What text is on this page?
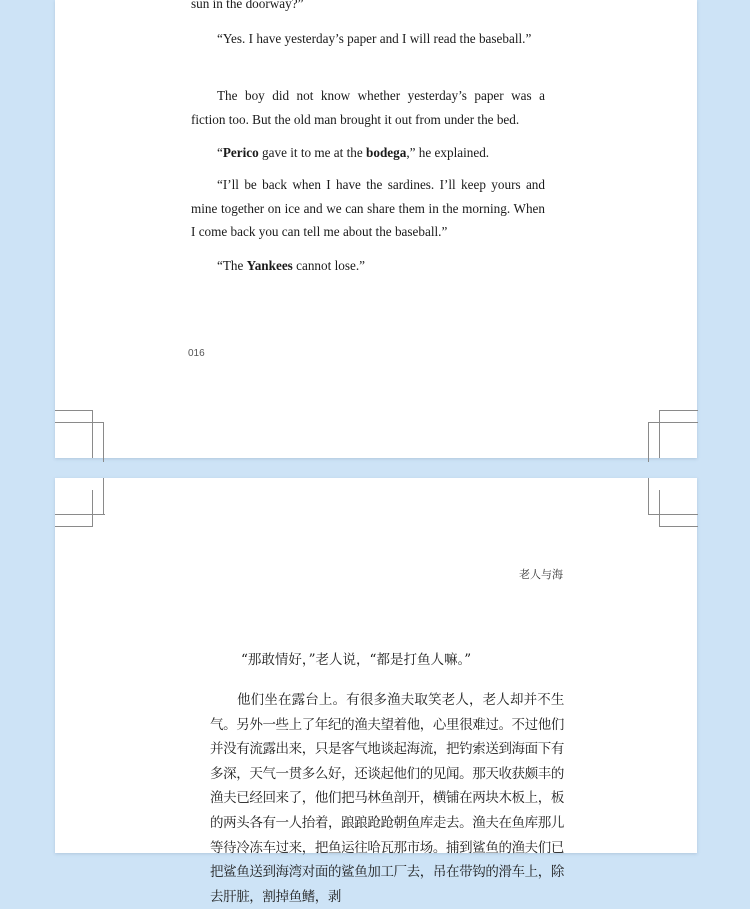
sun in the doorway?”

“Yes. I have yesterday’s paper and I will read the baseball.”

The boy did not know whether yesterday’s paper was a fiction too. But the old man brought it out from under the bed.

“Perico gave it to me at the bodega,” he explained.

“I’ll be back when I have the sardines. I’ll keep yours and mine together on ice and we can share them in the morning. When I come back you can tell me about the baseball.”

“The Yankees cannot lose.”

016
老人与海
“那敢情好，”老人说，“都是打鱼人嘛。”

他们坐在露台上。有很多渔夫取笑老人，老人却并不生气。另外一些上了年纪的渔夫望着他，心里很难过。不过他们并没有流露出来，只是客气地谈起海流，把钓索送到海面下有多深，天气一贯多么好，还谈起他们的见闻。那天收获颇丰的渔夫已经回来了，他们把马林鱼剖开，横铺在两块木板上，板的两头各有一人抬着，踉踉跄跄朝鱼库走去。渔夫在鱼库那儿等待冷冻车过来，把鱼运往哈瓦那市场。捕到鲨鱼的渔夫们已把鲨鱼送到海湾对面的鲨鱼加工厂去，吊在带钩的滑车上，除去肝脏，割掉鱼鳍，剥
